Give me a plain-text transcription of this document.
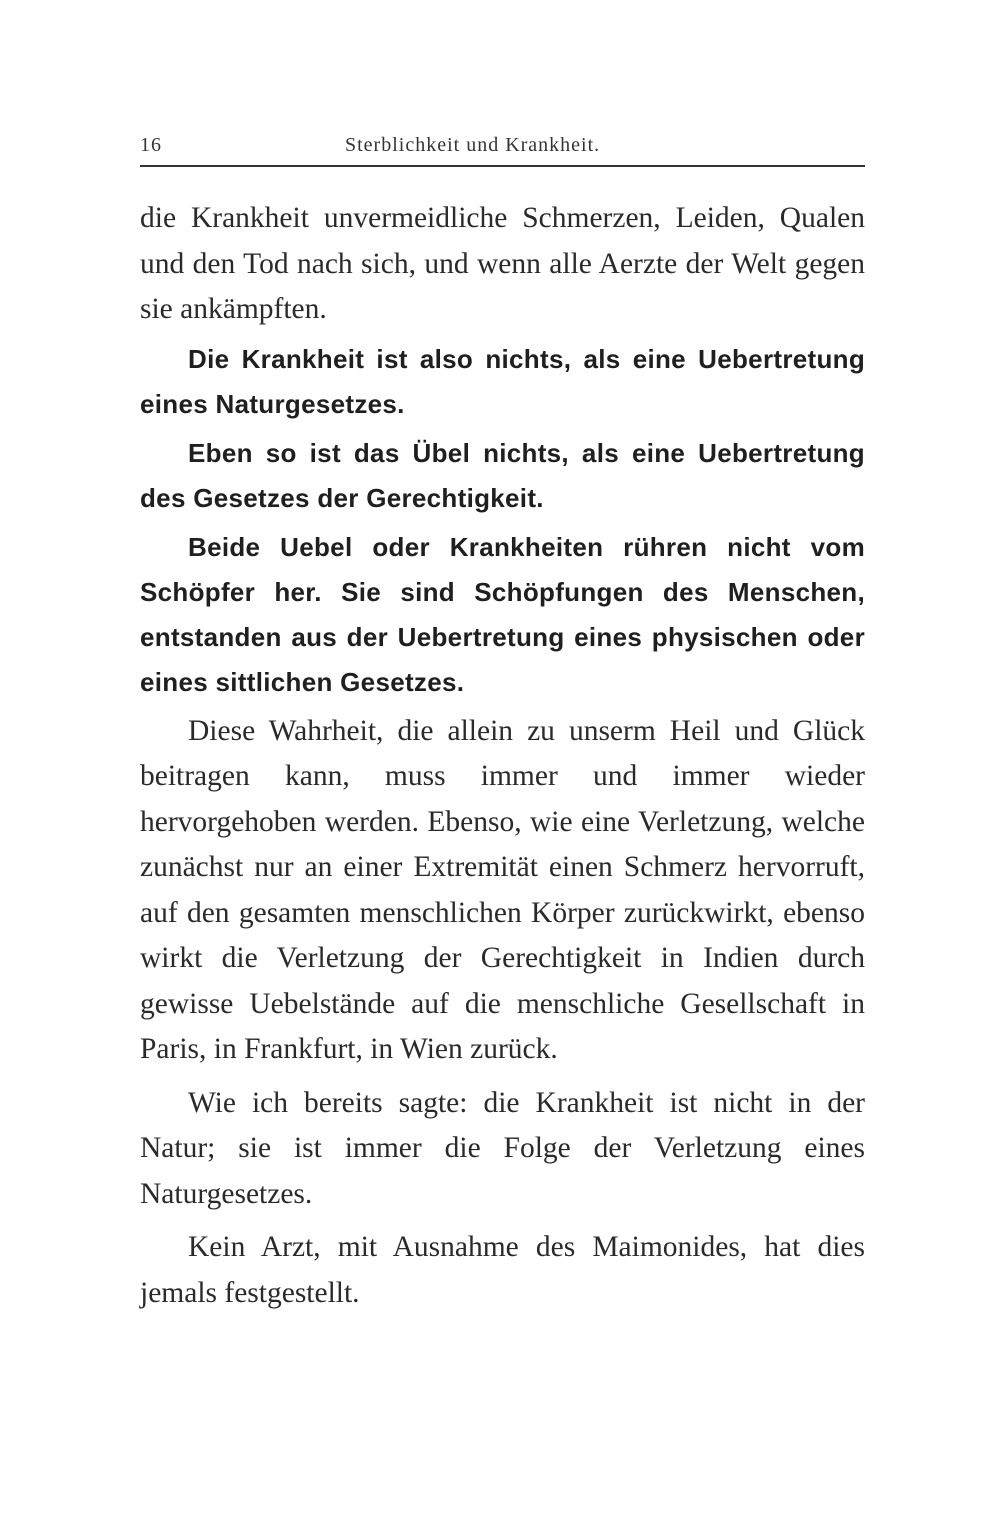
16	Sterblichkeit und Krankheit.

die Krankheit unvermeidliche Schmerzen, Leiden, Qualen und den Tod nach sich, und wenn alle Aerzte der Welt gegen sie ankämpften.

Die Krankheit ist also nichts, als eine Uebertretung eines Naturgesetzes.

Eben so ist das Übel nichts, als eine Uebertretung des Gesetzes der Gerechtigkeit.

Beide Uebel oder Krankheiten rühren nicht vom Schöpfer her. Sie sind Schöpfungen des Menschen, entstanden aus der Uebertretung eines physischen oder eines sittlichen Gesetzes.

Diese Wahrheit, die allein zu unserm Heil und Glück beitragen kann, muss immer und immer wieder hervorgehoben werden. Ebenso, wie eine Verletzung, welche zunächst nur an einer Extremität einen Schmerz hervorruft, auf den gesamten menschlichen Körper zurückwirkt, ebenso wirkt die Verletzung der Gerechtigkeit in Indien durch gewisse Uebelstände auf die menschliche Gesellschaft in Paris, in Frankfurt, in Wien zurück.

Wie ich bereits sagte: die Krankheit ist nicht in der Natur; sie ist immer die Folge der Verletzung eines Naturgesetzes.

Kein Arzt, mit Ausnahme des Maimonides, hat dies jemals festgestellt.
